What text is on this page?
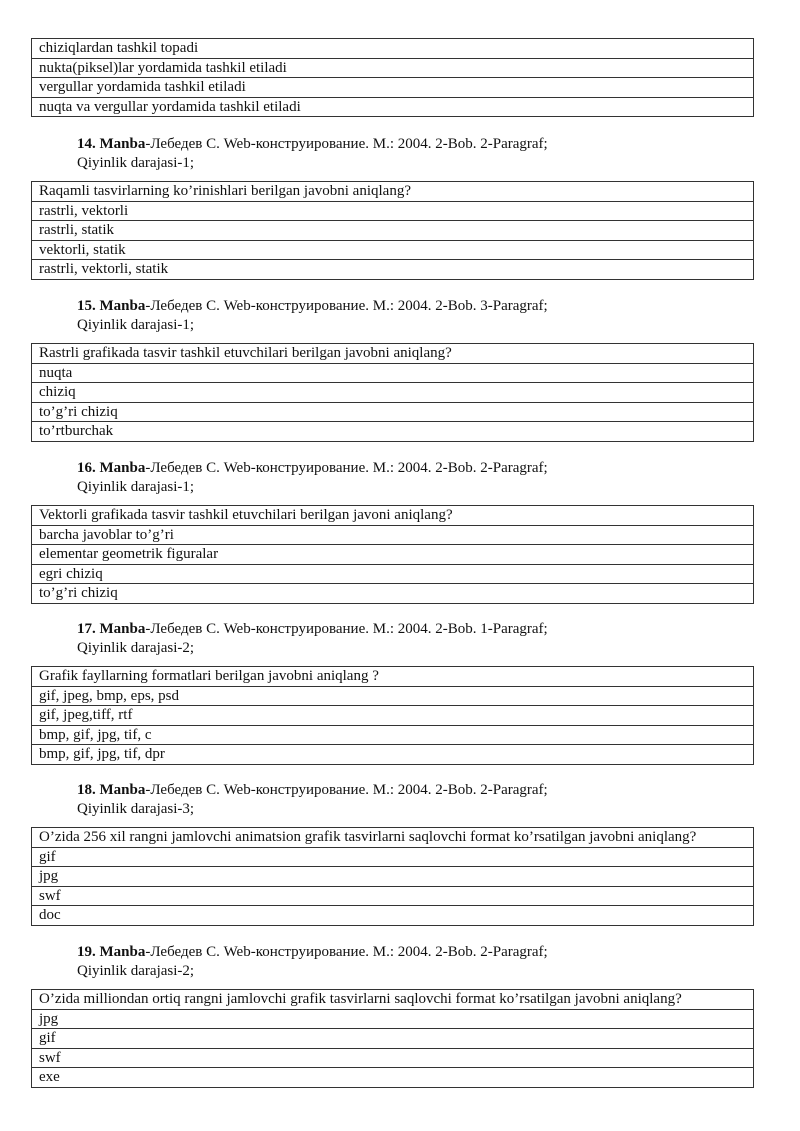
chiziqlardan tashkil topadi
nukta(piksel)lar yordamida tashkil etiladi
vergullar yordamida tashkil etiladi
nuqta va vergullar yordamida tashkil etiladi
14. Manba-Лебедев С. Web-конструирование. М.: 2004. 2-Bob. 2-Paragraf;
Qiyinlik darajasi-1;
Raqamli tasvirlarning ko’rinishlari berilgan javobni aniqlang?
rastrli, vektorli
rastrli, statik
vektorli, statik
rastrli, vektorli, statik
15. Manba-Лебедев С. Web-конструирование. М.: 2004. 2-Bob. 3-Paragraf;
Qiyinlik darajasi-1;
Rastrli grafikada tasvir tashkil etuvchilari berilgan javobni aniqlang?
nuqta
chiziq
to’g’ri chiziq
to’rtburchak
16. Manba-Лебедев С. Web-конструирование. М.: 2004. 2-Bob. 2-Paragraf;
Qiyinlik darajasi-1;
Vektorli grafikada tasvir tashkil etuvchilari berilgan javoni aniqlang?
barcha javoblar to’g’ri
elementar geometrik figuralar
egri chiziq
to’g’ri chiziq
17. Manba-Лебедев С. Web-конструирование. М.: 2004. 2-Bob. 1-Paragraf;
Qiyinlik darajasi-2;
Grafik fayllarning formatlari berilgan javobni aniqlang ?
gif, jpeg, bmp, eps, psd
gif, jpeg,tiff, rtf
bmp, gif, jpg, tif, c
bmp, gif, jpg, tif, dpr
18. Manba-Лебедев С. Web-конструирование. М.: 2004. 2-Bob. 2-Paragraf;
Qiyinlik darajasi-3;
O’zida 256 xil rangni jamlovchi animatsion grafik tasvirlarni saqlovchi format ko’rsatilgan javobni aniqlang?
gif
jpg
swf
doc
19. Manba-Лебедев С. Web-конструирование. М.: 2004. 2-Bob. 2-Paragraf;
Qiyinlik darajasi-2;
O’zida milliondan ortiq rangni jamlovchi grafik tasvirlarni saqlovchi format ko’rsatilgan javobni aniqlang?
jpg
gif
swf
exe
